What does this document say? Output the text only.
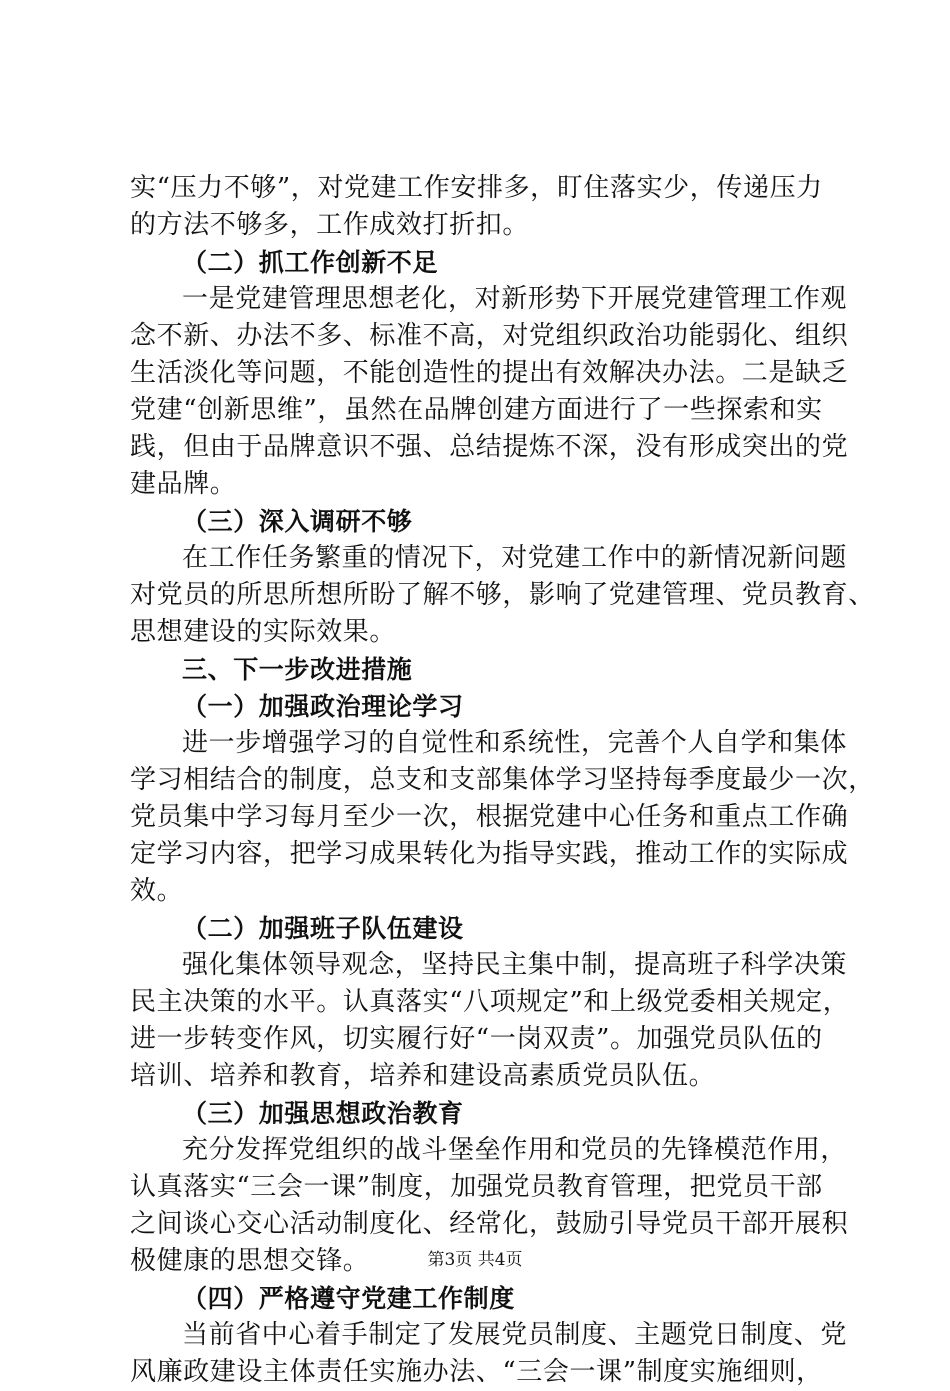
实“压力不够”，对党建工作安排多，盯住落实少，传递压力
的方法不够多，工作成效打折扣。
（二）抓工作创新不足
一是党建管理思想老化，对新形势下开展党建管理工作观
念不新、办法不多、标准不高，对党组织政治功能弱化、组织
生活淡化等问题，不能创造性的提出有效解决办法。二是缺乏
党建“创新思维”，虽然在品牌创建方面进行了一些探索和实
践，但由于品牌意识不强、总结提炼不深，没有形成突出的党
建品牌。
（三）深入调研不够
在工作任务繁重的情况下，对党建工作中的新情况新问题
对党员的所思所想所盼了解不够，影响了党建管理、党员教育、
思想建设的实际效果。
三、下一步改进措施
（一）加强政治理论学习
进一步增强学习的自觉性和系统性，完善个人自学和集体
学习相结合的制度，总支和支部集体学习坚持每季度最少一次，
党员集中学习每月至少一次，根据党建中心任务和重点工作确
定学习内容，把学习成果转化为指导实践，推动工作的实际成
效。
（二）加强班子队伍建设
强化集体领导观念，坚持民主集中制，提高班子科学决策
民主决策的水平。认真落实“八项规定”和上级党委相关规定，
进一步转变作风，切实履行好“一岗双责”。加强党员队伍的
培训、培养和教育，培养和建设高素质党员队伍。
（三）加强思想政治教育
充分发挥党组织的战斗堡垒作用和党员的先锋模范作用，
认真落实“三会一课”制度，加强党员教育管理，把党员干部
之间谈心交心活动制度化、经常化，鼓励引导党员干部开展积
极健康的思想交锋。
（四）严格遵守党建工作制度
当前省中心着手制定了发展党员制度、主题党日制度、党
风廉政建设主体责任实施办法、“三会一课”制度实施细则，
第3页 共4页
